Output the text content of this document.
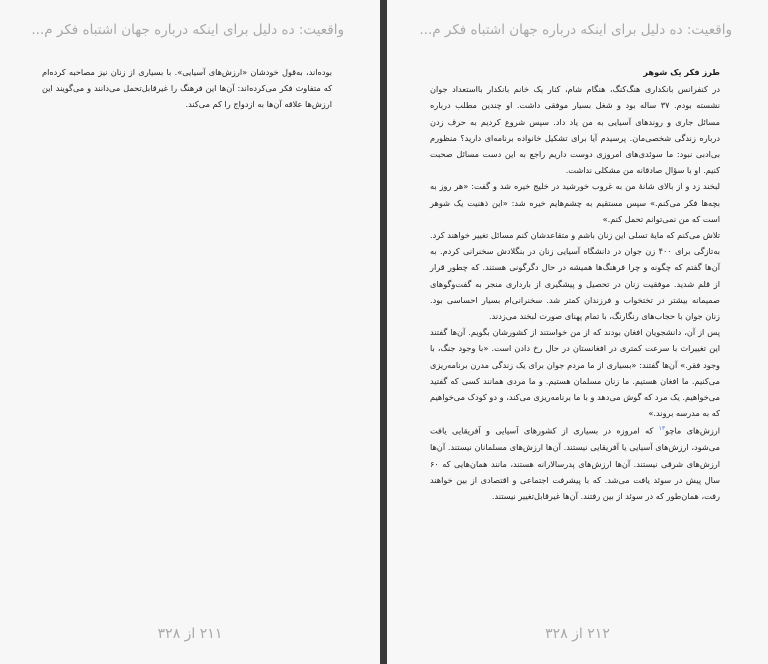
واقعیت: ده دلیل برای اینکه درباره جهان اشتباه فکر م...

بوده‌اند، به‌قول خودشان «ارزش‌های آسیایی». با بسیاری از زنان نیز مصاحبه کرده‌ام که متفاوت فکر می‌کرده‌اند: آن‌ها این فرهنگ را غیرقابل‌تحمل می‌دانند و می‌گویند این ارزش‌ها علاقه آن‌ها به ازدواج را کم می‌کند.

۲۱۱ از ۳۲۸
واقعیت: ده دلیل برای اینکه درباره جهان اشتباه فکر م...

طرز فکر یک شوهر

در کنفرانس بانکداری هنگ‌کنگ، هنگام شام، کنار یک خانم بانکدار بااستعداد جوان نشسته بودم. ۳۷ ساله بود و شغل بسیار موفقی داشت. او چندین مطلب درباره مسائل جاری و روندهای آسیایی به من یاد داد. سپس شروع کردیم به حرف زدن درباره زندگی شخصی‌مان. پرسیدم آیا برای تشکیل خانواده برنامه‌ای دارید؟ منظورم بی‌ادبی نبود: ما سوئدی‌های امروزی دوست داریم راجع به این دست مسائل صحبت کنیم. او با سؤال صادقانه من مشکلی نداشت.

لبخند زد و از بالای شانهٔ من به غروب خورشید در خلیج خیره شد و گفت: «هر روز به بچه‌ها فکر می‌کنم.» سپس مستقیم به چشم‌هایم خیره شد: «این ذهنیت یک شوهر است که من نمی‌توانم تحمل کنم.»

تلاش می‌کنم که مایهٔ تسلی این زنان باشم و متقاعدشان کنم مسائل تغییر خواهند کرد. به‌تازگی برای ۴۰۰ زن جوان در دانشگاه آسیایی زنان در بنگلادش سخنرانی کردم. به آن‌ها گفتم که چگونه و چرا فرهنگ‌ها همیشه در حال دگرگونی هستند. که چطور قرار از قلم شدید. موفقیت زنان در تحصیل و پیشگیری از بارداری منجر به گفت‌وگوهای صمیمانه بیشتر در تختخواب و فرزندان کمتر شد. سخنرانی‌ام بسیار احساسی بود. زنان جوان با حجاب‌های رنگارنگ، با تمام پهنای صورت لبخند می‌زدند.

پس از آن، دانشجویان افغان بودند که از من خواستند از کشورشان بگویم. آن‌ها گفتند این تغییرات با سرعت کمتری در افغانستان در حال رخ دادن است. «با وجود جنگ، با وجود فقر.» آن‌ها گفتند: «بسیاری از ما مردم جوان برای یک زندگی مدرن برنامه‌ریزی می‌کنیم. ما افغان هستیم. ما زنان مسلمان هستیم. و ما مردی همانند کسی که گفتید می‌خواهیم. یک مرد که گوش می‌دهد و با ما برنامه‌ریزی می‌کند، و دو کودک می‌خواهیم که به مدرسه بروند.»

ارزش‌های ماچو$^{۱۳}$ که امروزه در بسیاری از کشورهای آسیایی و آفریقایی یافت می‌شود، ارزش‌های آسیایی یا آفریقایی نیستند. آن‌ها ارزش‌های مسلمانان نیستند. آن‌ها ارزش‌های شرقی نیستند. آن‌ها ارزش‌های پدرسالارانه هستند، مانند همان‌هایی که ۶۰ سال پیش در سوئد یافت می‌شد. که با پیشرفت اجتماعی و اقتصادی از بین خواهند رفت، همان‌طور که در سوئد از بین رفتند. آن‌ها غیرقابل‌تغییر نیستند.

۲۱۲ از ۳۲۸
